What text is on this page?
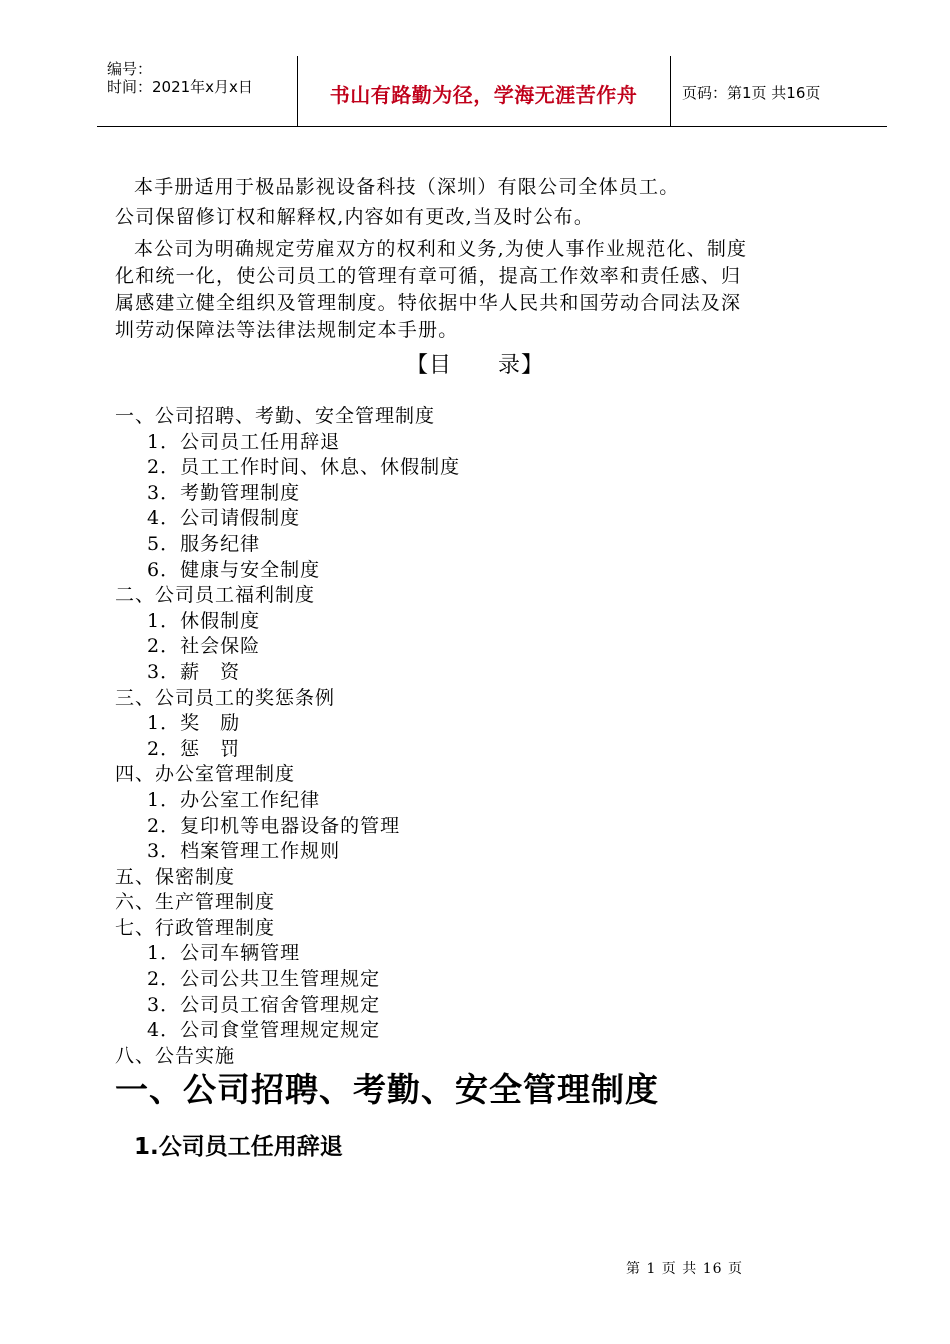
编号：
时间：2021年x月x日	书山有路勤为径，学海无涯苦作舟	页码：第1页 共16页

本手册适用于极品影视设备科技（深圳）有限公司全体员工。

公司保留修订权和解释权,内容如有更改,当及时公布。

本公司为明确规定劳雇双方的权利和义务,为使人事作业规范化、制度

化和统一化，使公司员工的管理有章可循，提高工作效率和责任感、归

属感建立健全组织及管理制度。特依据中华人民共和国劳动合同法及深

圳劳动保障法等法律法规制定本手册。

【目　　录】
一、公司招聘、考勤、安全管理制度
1．公司员工任用辞退
2．员工工作时间、休息、休假制度
3．考勤管理制度
4．公司请假制度
5．服务纪律
6．健康与安全制度
二、公司员工福利制度
1．休假制度
2．社会保险
3．薪　资
三、公司员工的奖惩条例
1．奖　励
2．惩　罚
四、办公室管理制度
1．办公室工作纪律
2．复印机等电器设备的管理
3．档案管理工作规则
五、保密制度
六、生产管理制度
七、行政管理制度
1．公司车辆管理
2．公司公共卫生管理规定
3．公司员工宿舍管理规定
4．公司食堂管理规定规定
八、公告实施
一、公司招聘、考勤、安全管理制度
1.公司员工任用辞退
第 1 页 共 16 页
